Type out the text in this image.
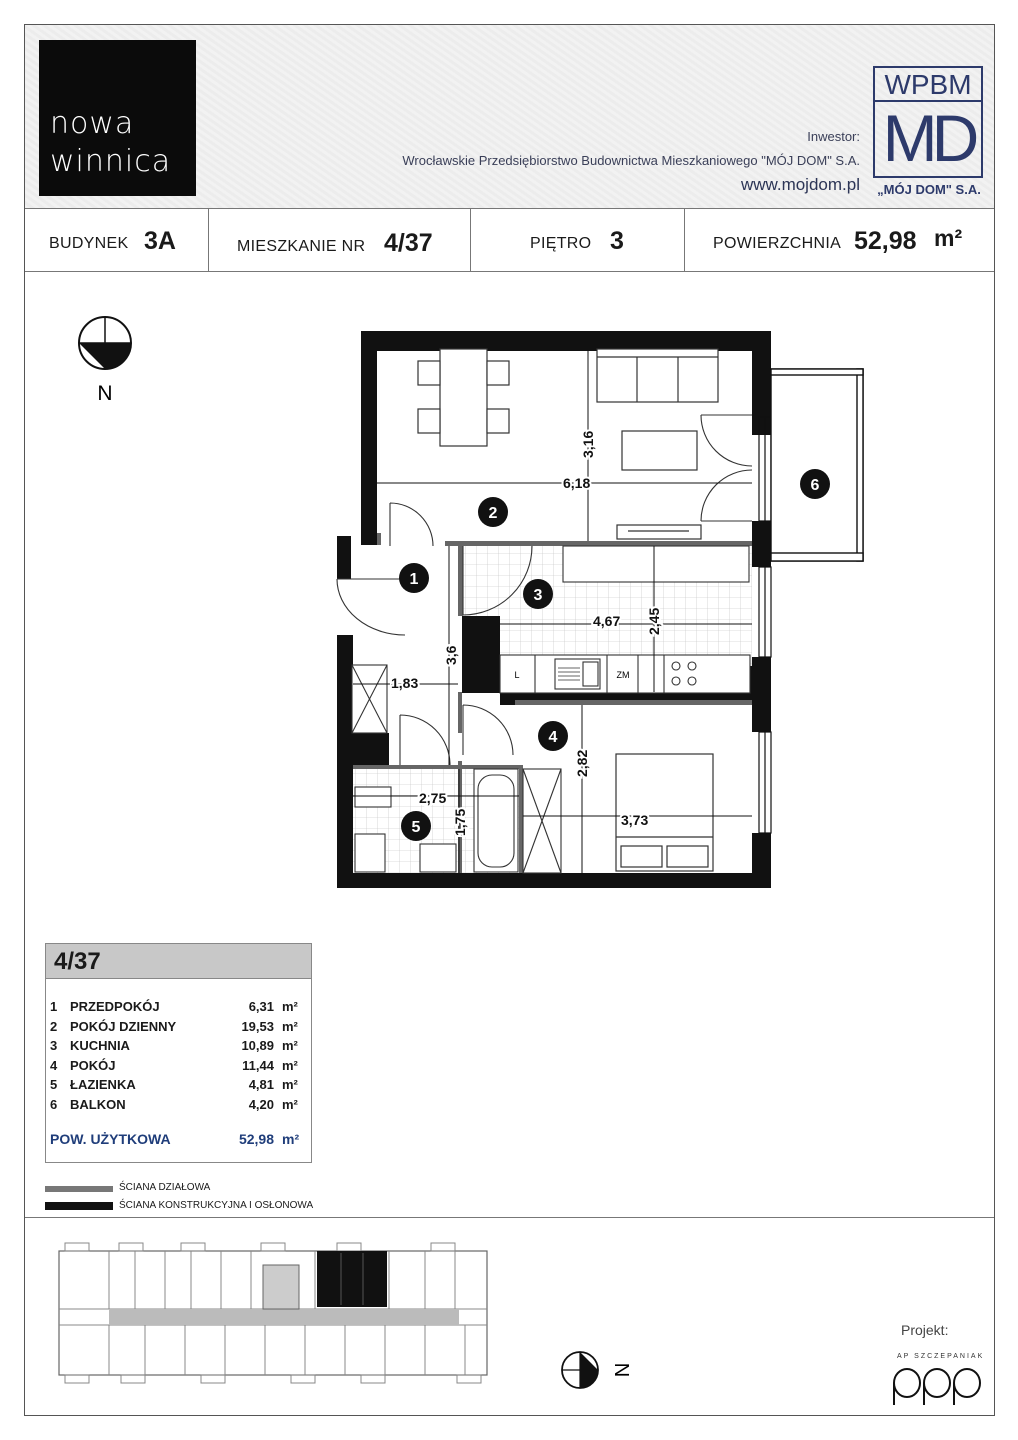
nowa
winnica
Inwestor:
Wrocławskie Przedsiębiorstwo Budownictwa Mieszkaniowego "MÓJ DOM" S.A.
www.mojdom.pl
WPBM
MD
„MÓJ DOM" S.A.
BUDYNEK 3A	MIESZKANIE NR 4/37	PIĘTRO 3	POWIERZCHNIA 52,98 m²
N
L	ZM
6,18
3,16
4,67 2,45
3,6
1,83
2,75
1,75
2,82
3,73
1
2
3
4
5
6
N
4/37
1 PRZEDPOKÓJ	6,31 m²
2 POKÓJ DZIENNY	19,53 m²
3 KUCHNIA	10,89 m²
4 POKÓJ	11,44 m²
5 ŁAZIENKA	4,81 m²
6 BALKON	4,20 m²
POW. UŻYTKOWA	52,98 m²
ŚCIANA DZIAŁOWA
ŚCIANA KONSTRUKCYJNA I OSŁONOWA
Projekt:
AP SZCZEPANIAK
